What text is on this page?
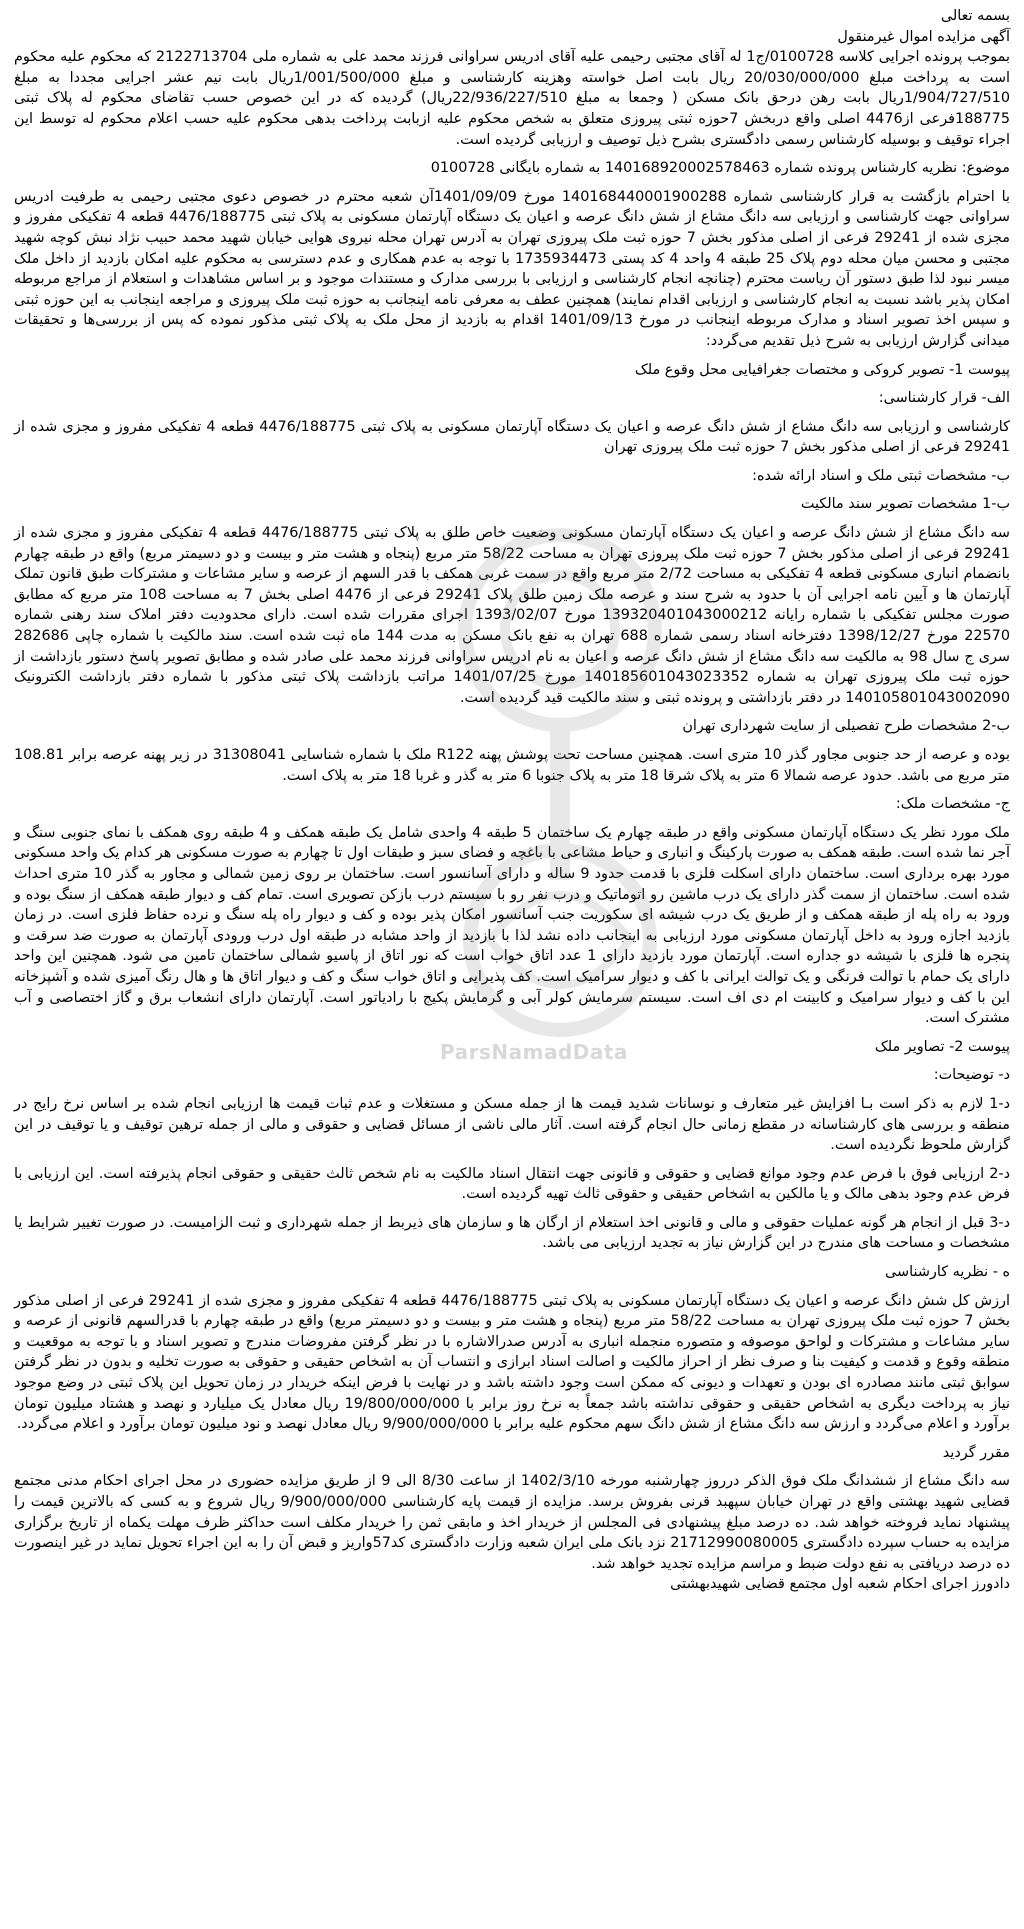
ParsNamadData

بسمه تعالی

آگهی مزایده اموال غیرمنقول

بموجب پرونده اجرایی کلاسه 0100728/ج1 له آقای مجتبی رحیمی علیه آقای ادریس سراوانی فرزند محمد علی به شماره ملی 2122713704 که محکوم علیه محکوم است به پرداخت مبلغ 20/030/000/000 ریال بابت اصل خواسته وهزینه کارشناسی و مبلغ 1/001/500/000ریال بابت نیم عشر اجرایی مجددا به مبلغ 1/904/727/510ریال بابت رهن درحق بانک مسکن ( وجمعا به مبلغ 22/936/227/510ریال) گردیده که در این خصوص حسب تقاضای محکوم له پلاک ثبتی 188775فرعی از4476 اصلی واقع دربخش 7حوزه ثبتی پیروزی متعلق به شخص محکوم علیه ازبابت پرداخت بدهی محکوم علیه حسب اعلام محکوم له توسط این اجراء توقیف و بوسیله کارشناس رسمی دادگستری بشرح ذیل توصیف و ارزیابی گردیده است.

موضوع: نظریه کارشناس پرونده شماره 140168920002578463 به شماره بایگانی 0100728

با احترام بازگشت به قرار کارشناسی شماره 140168440001900288 مورخ 1401/09/09آن شعبه محترم در خصوص دعوی مجتبی رحیمی به طرفیت ادریس سراوانی جهت کارشناسی و ارزیابی سه دانگ مشاع از شش دانگ عرصه و اعیان یک دستگاه آپارتمان مسکونی به پلاک ثبتی 4476/188775 قطعه 4 تفکیکی مفروز و مجزی شده از 29241 فرعی از اصلی مذکور بخش 7 حوزه ثبت ملک پیروزی تهران به آدرس تهران محله نیروی هوایی خیابان شهید محمد حبیب نژاد نبش کوچه شهید مجتبی و محسن میان محله دوم پلاک 25 طبقه 4 واحد 4 کد پستی 1735934473 با توجه به عدم همکاری و عدم دسترسی به محکوم علیه امکان بازدید از داخل ملک میسر نبود لذا طبق دستور آن ریاست محترم (چنانچه انجام کارشناسی و ارزیابی با بررسی مدارک و مستندات موجود و بر اساس مشاهدات و استعلام از مراجع مربوطه امکان پذیر باشد نسبت به انجام کارشناسی و ارزیابی اقدام نمایند) همچنین عطف به معرفی نامه اینجانب به حوزه ثبت ملک پیروزی و مراجعه اینجانب به این حوزه ثبتی و سپس اخذ تصویر اسناد و مدارک مربوطه اینجانب در مورخ 1401/09/13 اقدام به بازدید از محل ملک به پلاک ثبتی مذکور نموده که پس از بررسی‌ها و تحقیقات میدانی گزارش ارزیابی به شرح ذیل تقدیم می‌گردد:

پیوست 1- تصویر کروکی و مختصات جغرافیایی محل وقوع ملک

الف- قرار کارشناسی:

کارشناسی و ارزیابی سه دانگ مشاع از شش دانگ عرصه و اعیان یک دستگاه آپارتمان مسکونی به پلاک ثبتی 4476/188775 قطعه 4 تفکیکی مفروز و مجزی شده از 29241 فرعی از اصلی مذکور بخش 7 حوزه ثبت ملک پیروزی تهران

ب- مشخصات ثبتی ملک و اسناد ارائه شده:

ب-1 مشخصات تصویر سند مالکیت

سه دانگ مشاع از شش دانگ عرصه و اعیان یک دستگاه آپارتمان مسکونی وضعیت خاص طلق به پلاک ثبتی 4476/188775 قطعه 4 تفکیکی مفروز و مجزی شده از 29241 فرعی از اصلی مذکور بخش 7 حوزه ثبت ملک پیروزی تهران به مساحت 58/22 متر مربع (پنجاه و هشت متر و بیست و دو دسیمتر مربع) واقع در طبقه چهارم بانضمام انباری مسکونی قطعه 4 تفکیکی به مساحت 2/72 متر مربع واقع در سمت غربی همکف با قدر السهم از عرصه و سایر مشاعات و مشترکات طبق قانون تملک آپارتمان ها و آیین نامه اجرایی آن با حدود به شرح سند و عرصه ملک زمین طلق پلاک 29241 فرعی از 4476 اصلی بخش 7 به مساحت 108 متر مربع که مطابق صورت مجلس تفکیکی با شماره رایانه 139320401043000212 مورخ 1393/02/07 اجرای مقررات شده است. دارای محدودیت دفتر املاک سند رهنی شماره 22570 مورخ 1398/12/27 دفترخانه اسناد رسمی شماره 688 تهران به نفع بانک مسکن به مدت 144 ماه ثبت شده است. سند مالکیت با شماره چاپی 282686 سری ج سال 98 به مالکیت سه دانگ مشاع از شش دانگ عرصه و اعیان به نام ادریس سراوانی فرزند محمد علی صادر شده و مطابق تصویر پاسخ دستور بازداشت از حوزه ثبت ملک پیروزی تهران به شماره 140185601043023352 مورخ 1401/07/25 مراتب بازداشت پلاک ثبتی مذکور با شماره دفتر بازداشت الکترونیک 140105801043002090 در دفتر بازداشتی و پرونده ثبتی و سند مالکیت قید گردیده است.

ب-2 مشخصات طرح تفصیلی از سایت شهرداری تهران

بوده و عرصه از حد جنوبی مجاور گذر 10 متری است. همچنین مساحت تحت پوشش پهنه R122 ملک با شماره شناسایی 31308041 در زیر پهنه عرصه برابر 108.81 متر مربع می باشد. حدود عرصه شمالا 6 متر به پلاک شرقا 18 متر به پلاک جنوبا 6 متر به گذر و غربا 18 متر به پلاک است.

ج- مشخصات ملک:

ملک مورد نظر یک دستگاه آپارتمان مسکونی واقع در طبقه چهارم یک ساختمان 5 طبقه 4 واحدی شامل یک طبقه همکف و 4 طبقه روی همکف با نمای جنوبی سنگ و آجر نما شده است. طبقه همکف به صورت پارکینگ و انباری و حیاط مشاعی با باغچه و فضای سبز و طبقات اول تا چهارم به صورت مسکونی هر کدام یک واحد مسکونی مورد بهره برداری است. ساختمان دارای اسکلت فلزی با قدمت حدود 9 ساله و دارای آسانسور است. ساختمان بر روی زمین شمالی و مجاور به گذر 10 متری احداث شده است. ساختمان از سمت گذر دارای یک درب ماشین رو اتوماتیک و درب نفر رو با سیستم درب بازکن تصویری است. تمام کف و دیوار طبقه همکف از سنگ بوده و ورود به راه پله از طبقه همکف و از طریق یک درب شیشه ای سکوریت جنب آسانسور امکان پذیر بوده و کف و دیوار راه پله سنگ و نرده حفاظ فلزی است. در زمان بازدید اجازه ورود به داخل آپارتمان مسکونی مورد ارزیابی به اینجانب داده نشد لذا با بازدید از واحد مشابه در طبقه اول درب ورودی آپارتمان به صورت ضد سرقت و پنجره ها فلزی با شیشه دو جداره است. آپارتمان مورد بازدید دارای 1 عدد اتاق خواب است که نور اتاق از پاسیو شمالی ساختمان تامین می شود. همچنین این واحد دارای یک حمام با توالت فرنگی و یک توالت ایرانی با کف و دیوار سرامیک است. کف پذیرایی و اتاق خواب سنگ و کف و دیوار اتاق ها و هال رنگ آمیزی شده و آشپزخانه این با کف و دیوار سرامیک و کابینت ام دی اف است. سیستم سرمایش کولر آبی و گرمایش پکیج با رادیاتور است. آپارتمان دارای انشعاب برق و گاز اختصاصی و آب مشترک است.

پیوست 2- تصاویر ملک

د- توضیحات:

د-1 لازم به ذکر است بـا افزایش غیر متعارف و نوسانات شدید قیمت ها از جمله مسکن و مستغلات و عدم ثبات قیمت ها ارزیابی انجام شده بر اساس نرخ رایج در منطقه و بررسی های کارشناسانه در مقطع زمانی حال انجام گرفته است. آثار مالی ناشی از مسائل قضایی و حقوقی و مالی از جمله ترهین توقیف و یا توقیف در این گزارش ملحوظ نگردیده است.

د-2 ارزیابی فوق با فرض عدم وجود موانع قضایی و حقوقی و قانونی جهت انتقال اسناد مالکیت به نام شخص ثالث حقیقی و حقوقی انجام پذیرفته است. این ارزیابی با فرض عدم وجود بدهی مالک و یا مالکین به اشخاص حقیقی و حقوقی ثالث تهیه گردیده است.

د-3 قبل از انجام هر گونه عملیات حقوقی و مالی و قانونی اخذ استعلام از ارگان ها و سازمان های ذیربط از جمله شهرداری و ثبت الزامیست. در صورت تغییر شرایط یا مشخصات و مساحت های مندرج در این گزارش نیاز به تجدید ارزیابی می باشد.

ه - نظریه کارشناسی

ارزش کل شش دانگ عرصه و اعیان یک دستگاه آپارتمان مسکونی به پلاک ثبتی 4476/188775 قطعه 4 تفکیکی مفروز و مجزی شده از 29241 فرعی از اصلی مذکور بخش 7 حوزه ثبت ملک پیروزی تهران به مساحت 58/22 متر مربع (پنجاه و هشت متر و بیست و دو دسیمتر مربع) واقع در طبقه چهارم با قدرالسهم قانونی از عرصه و سایر مشاعات و مشترکات و لواحق موصوفه و متصوره منجمله انباری به آدرس صدرالاشاره با در نظر گرفتن مفروضات مندرج و تصویر اسناد و با توجه به موقعیت و منطقه وقوع و قدمت و کیفیت بنا و صرف نظر از احراز مالکیت و اصالت اسناد ابرازی و انتساب آن به اشخاص حقیقی و حقوقی به صورت تخلیه و بدون در نظر گرفتن سوابق ثبتی مانند مصادره ای بودن و تعهدات و دیونی که ممکن است وجود داشته باشد و در نهایت با فرض اینکه خریدار در زمان تحویل این پلاک ثبتی در وضع موجود نیاز به پرداخت دیگری به اشخاص حقیقی و حقوقی نداشته باشد جمعاً به نرخ روز برابر با 19/800/000/000 ریال معادل یک میلیارد و نهصد و هشتاد میلیون تومان برآورد و اعلام می‌گردد و ارزش سه دانگ مشاع از شش دانگ سهم محکوم علیه برابر با 9/900/000/000 ریال معادل نهصد و نود میلیون تومان برآورد و اعلام می‌گردد.

مقرر گردید

سه دانگ مشاع از ششدانگ ملک فوق الذکر درروز چهارشنبه مورخه 1402/3/10 از ساعت 8/30 الی 9 از طریق مزایده حضوری در محل اجرای احکام مدنی مجتمع قضایی شهید بهشتی واقع در تهران خیابان سپهبد قرنی بفروش برسد. مزایده از قیمت پایه کارشناسی 9/900/000/000 ریال شروع و به کسی که بالاترین قیمت را پیشنهاد نماید فروخته خواهد شد. ده درصد مبلغ پیشنهادی فی المجلس از خریدار اخذ و مابقی ثمن را خریدار مکلف است حداکثر ظرف مهلت یکماه از تاریخ برگزاری مزایده به حساب سپرده دادگستری 21712990080005 نزد بانک ملی ایران شعبه وزارت دادگستری کد57واریز و قبض آن را به این اجراء تحویل نماید در غیر اینصورت ده درصد دریافتی به نفع دولت ضبط و مراسم مزایده تجدید خواهد شد.

دادورز اجرای احکام شعبه اول مجتمع قضایی شهیدبهشتی
